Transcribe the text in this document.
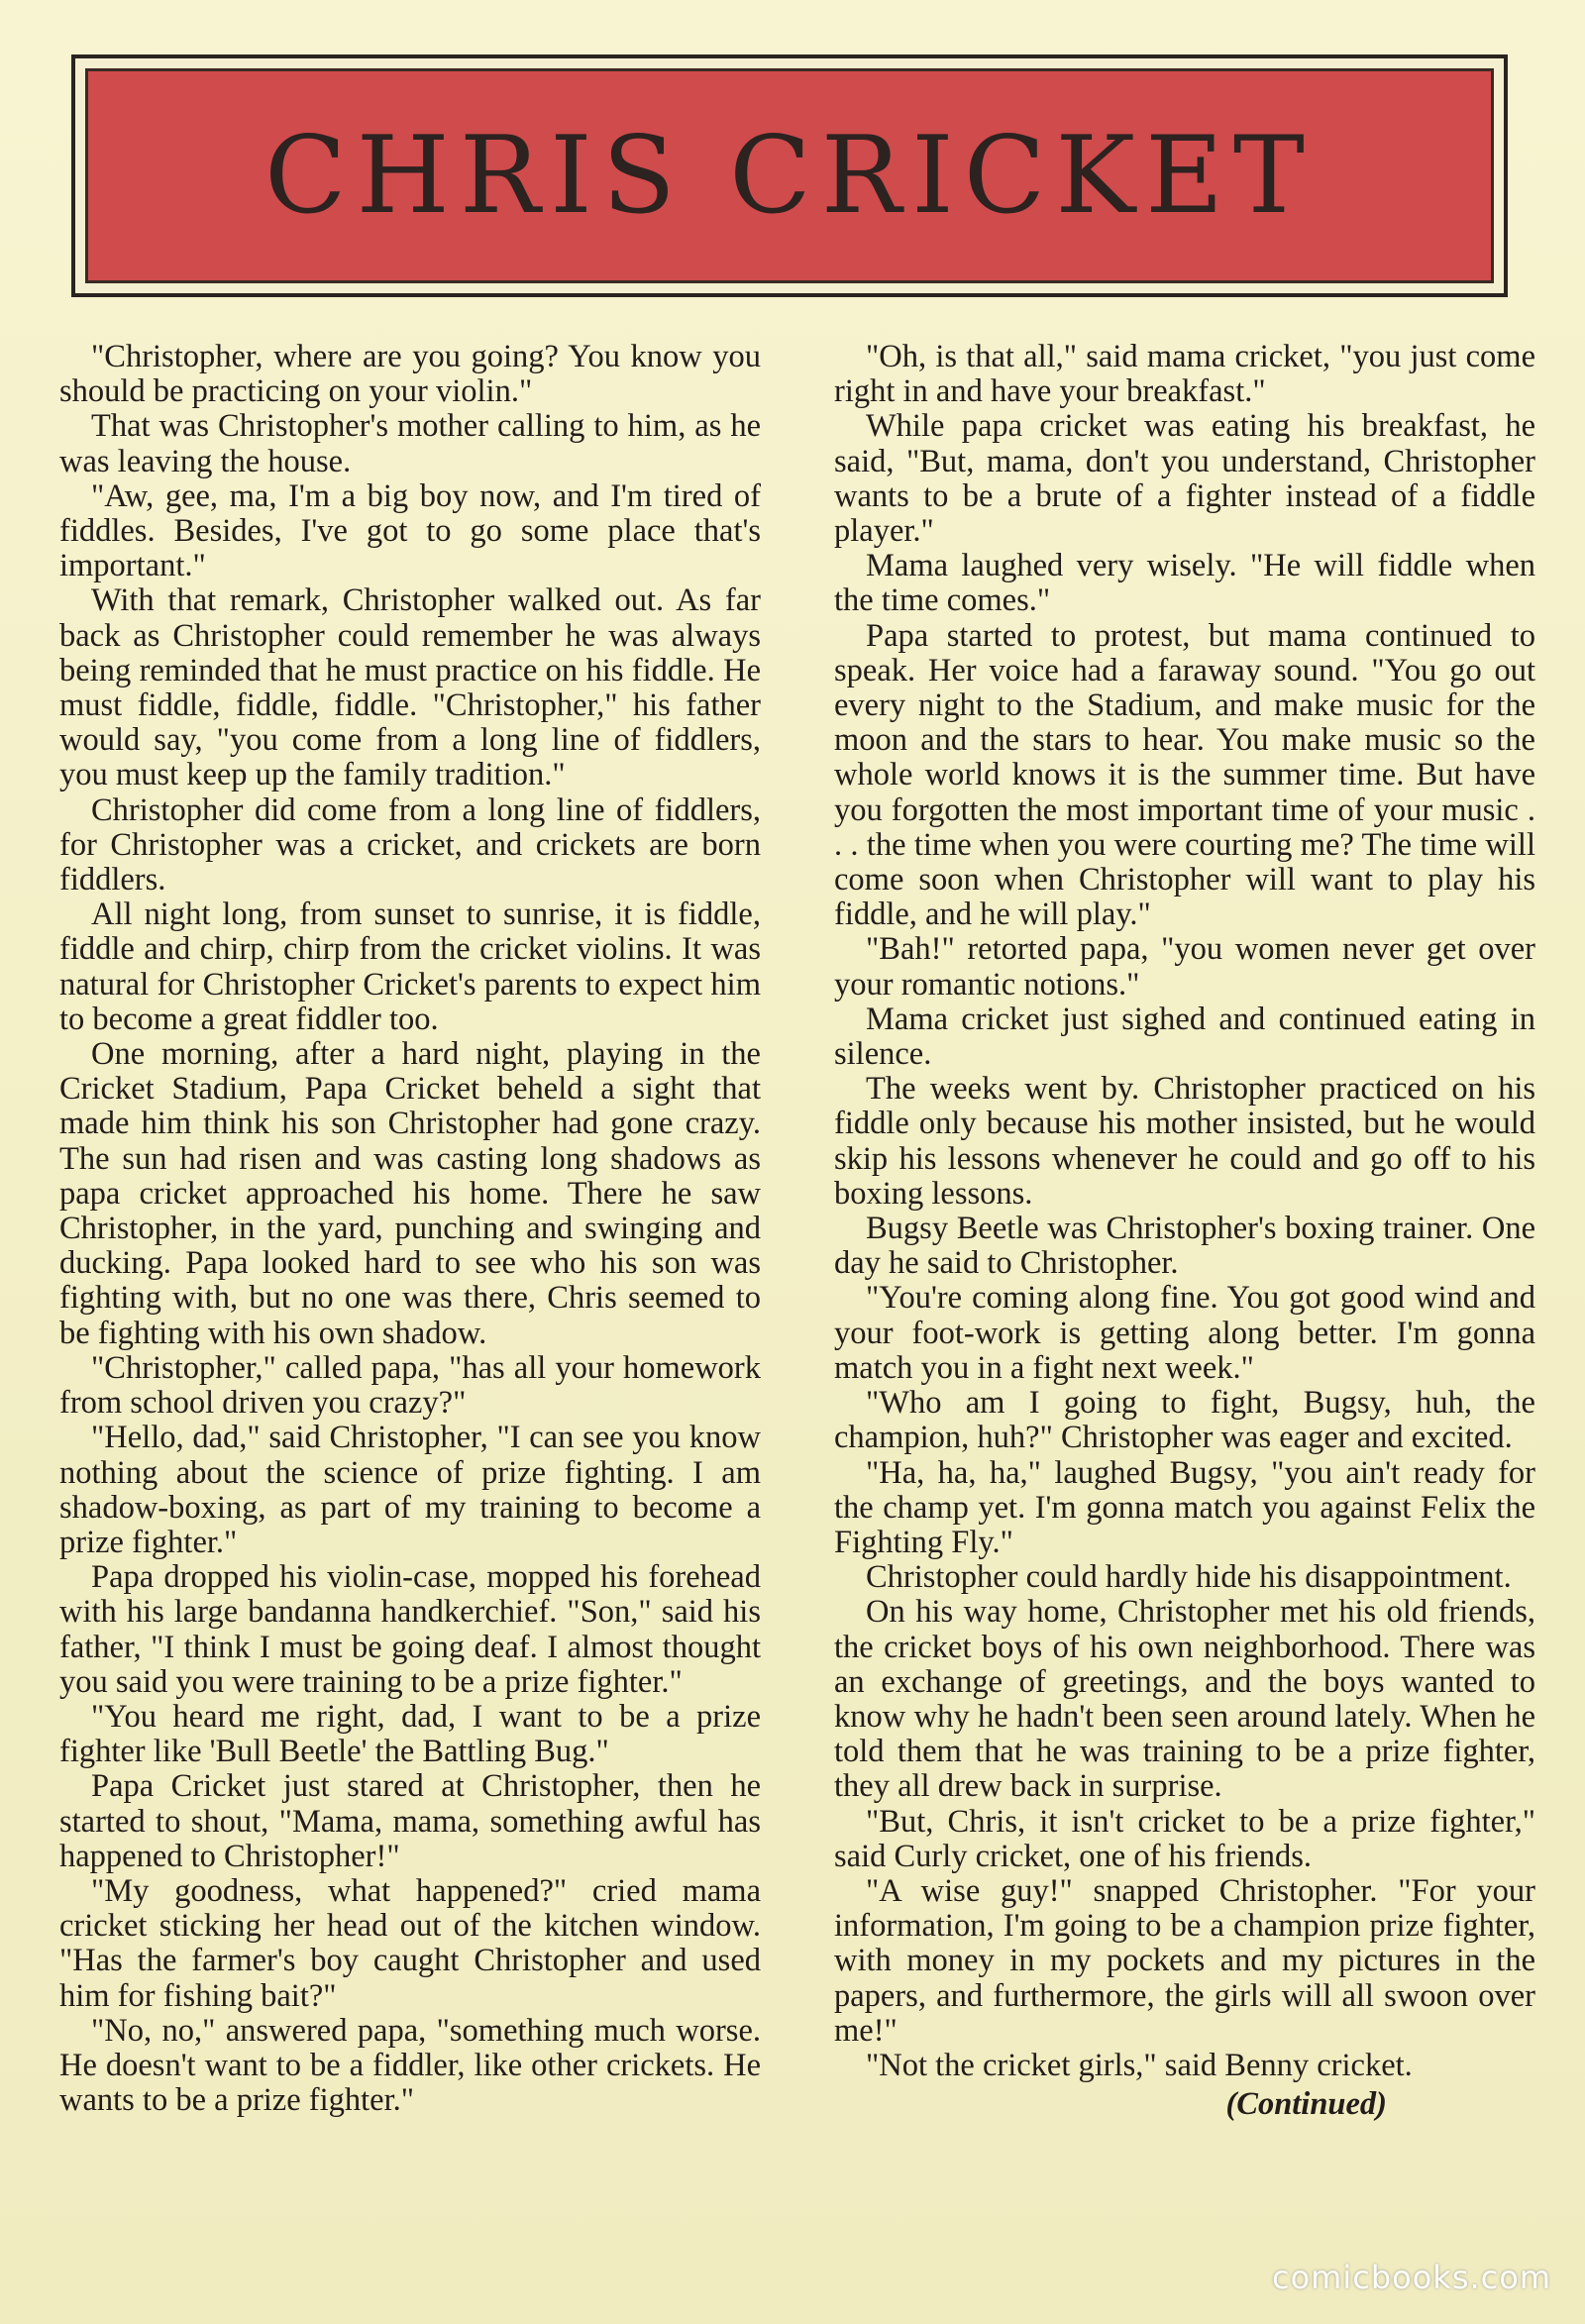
CHRIS CRICKET

"Christopher, where are you going? You know you should be practicing on your violin."

That was Christopher's mother calling to him, as he was leaving the house.

"Aw, gee, ma, I'm a big boy now, and I'm tired of fiddles. Besides, I've got to go some place that's important."

With that remark, Christopher walked out. As far back as Christopher could remember he was always being reminded that he must practice on his fiddle. He must fiddle, fiddle, fiddle. "Christopher," his father would say, "you come from a long line of fiddlers, you must keep up the family tradition."

Christopher did come from a long line of fiddlers, for Christopher was a cricket, and crickets are born fiddlers.

All night long, from sunset to sunrise, it is fiddle, fiddle and chirp, chirp from the cricket violins. It was natural for Christopher Cricket's parents to expect him to become a great fiddler too.

One morning, after a hard night, playing in the Cricket Stadium, Papa Cricket beheld a sight that made him think his son Christopher had gone crazy. The sun had risen and was casting long shadows as papa cricket approached his home. There he saw Christopher, in the yard, punching and swinging and ducking. Papa looked hard to see who his son was fighting with, but no one was there, Chris seemed to be fighting with his own shadow.

"Christopher," called papa, "has all your homework from school driven you crazy?"

"Hello, dad," said Christopher, "I can see you know nothing about the science of prize fighting. I am shadow-boxing, as part of my training to become a prize fighter."

Papa dropped his violin-case, mopped his forehead with his large bandanna handkerchief. "Son," said his father, "I think I must be going deaf. I almost thought you said you were training to be a prize fighter."

"You heard me right, dad, I want to be a prize fighter like 'Bull Beetle' the Battling Bug."

Papa Cricket just stared at Christopher, then he started to shout, "Mama, mama, something awful has happened to Christopher!"

"My goodness, what happened?" cried mama cricket sticking her head out of the kitchen window. "Has the farmer's boy caught Christopher and used him for fishing bait?"

"No, no," answered papa, "something much worse. He doesn't want to be a fiddler, like other crickets. He wants to be a prize fighter."

"Oh, is that all," said mama cricket, "you just come right in and have your breakfast."

While papa cricket was eating his breakfast, he said, "But, mama, don't you understand, Christopher wants to be a brute of a fighter instead of a fiddle player."

Mama laughed very wisely. "He will fiddle when the time comes."

Papa started to protest, but mama continued to speak. Her voice had a faraway sound. "You go out every night to the Stadium, and make music for the moon and the stars to hear. You make music so the whole world knows it is the summer time. But have you forgotten the most important time of your music . . . the time when you were courting me? The time will come soon when Christopher will want to play his fiddle, and he will play."

"Bah!" retorted papa, "you women never get over your romantic notions."

Mama cricket just sighed and continued eating in silence.

The weeks went by. Christopher practiced on his fiddle only because his mother insisted, but he would skip his lessons whenever he could and go off to his boxing lessons.

Bugsy Beetle was Christopher's boxing trainer. One day he said to Christopher.

"You're coming along fine. You got good wind and your foot-work is getting along better. I'm gonna match you in a fight next week."

"Who am I going to fight, Bugsy, huh, the champion, huh?" Christopher was eager and excited.

"Ha, ha, ha," laughed Bugsy, "you ain't ready for the champ yet. I'm gonna match you against Felix the Fighting Fly."

Christopher could hardly hide his disappointment.

On his way home, Christopher met his old friends, the cricket boys of his own neighborhood. There was an exchange of greetings, and the boys wanted to know why he hadn't been seen around lately. When he told them that he was training to be a prize fighter, they all drew back in surprise.

"But, Chris, it isn't cricket to be a prize fighter," said Curly cricket, one of his friends.

"A wise guy!" snapped Christopher. "For your information, I'm going to be a champion prize fighter, with money in my pockets and my pictures in the papers, and furthermore, the girls will all swoon over me!"

"Not the cricket girls," said Benny cricket.

(Continued)
comicbooks.com
